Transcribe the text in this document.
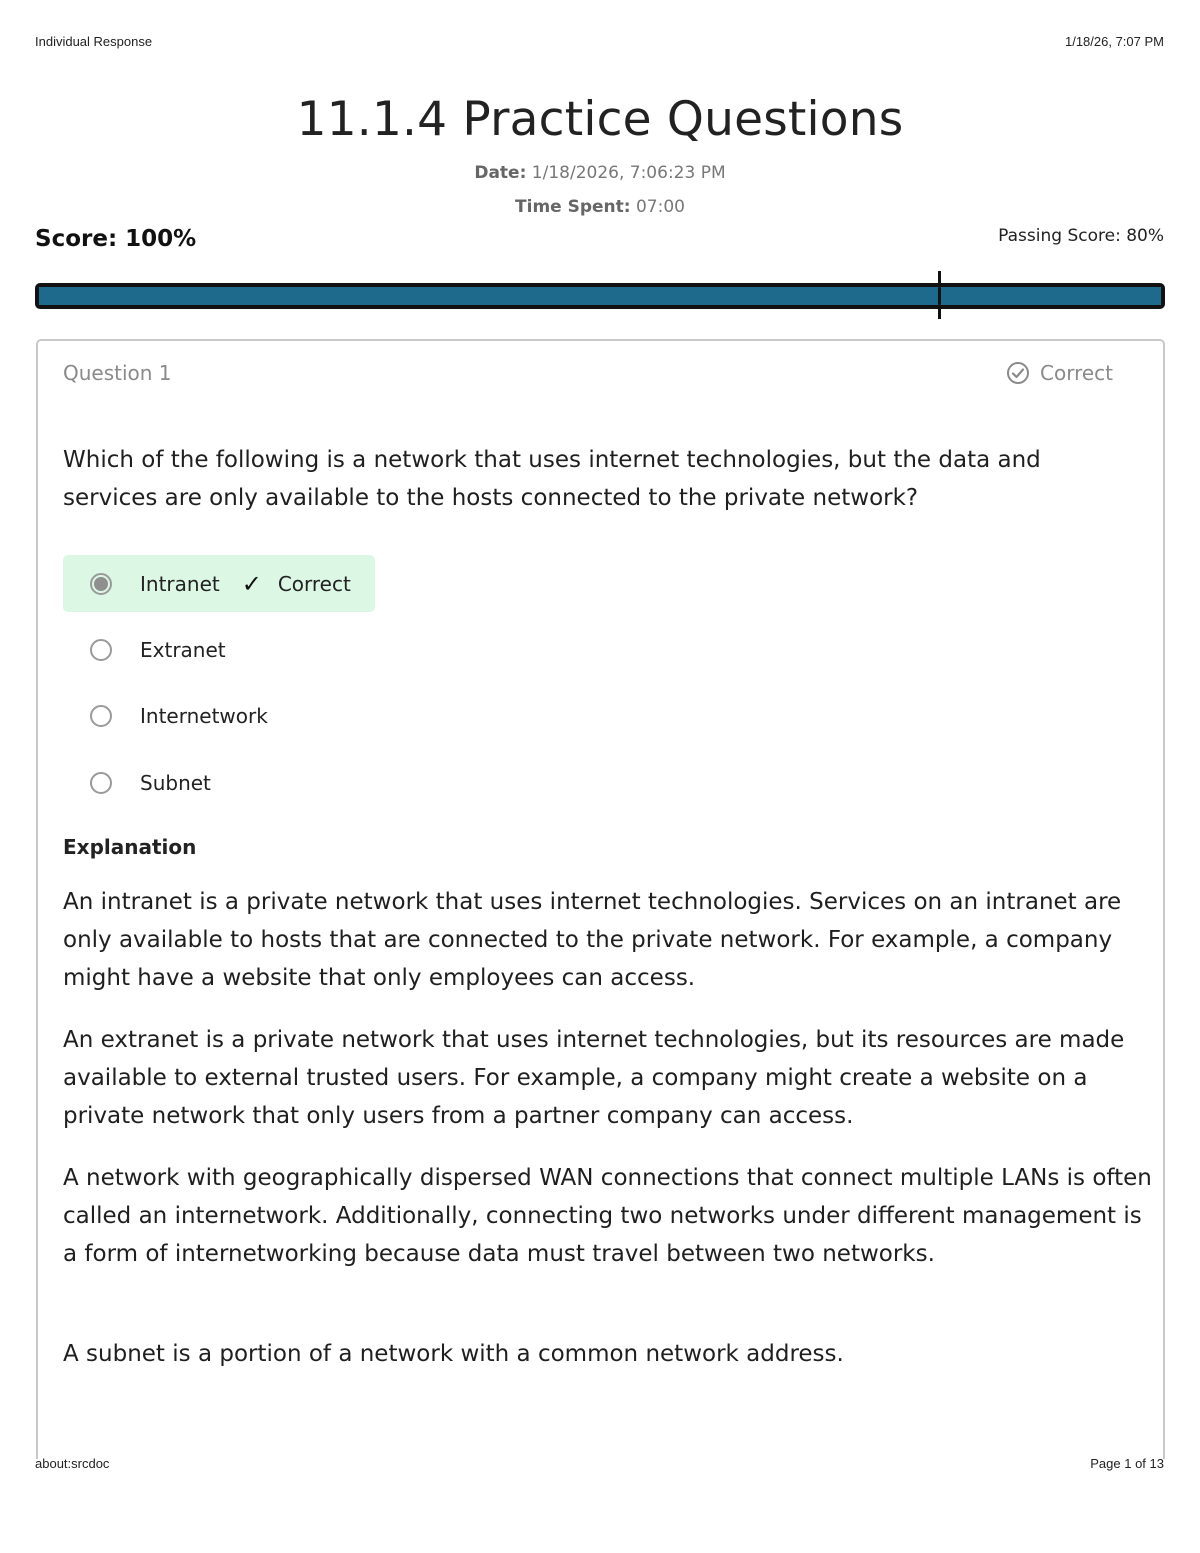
Individual Response	1/18/26, 7:07 PM
11.1.4 Practice Questions
Date: 1/18/2026, 7:06:23 PM
Time Spent: 07:00
Score: 100%	Passing Score: 80%
Question 1	Correct

Which of the following is a network that uses internet technologies, but the data and services are only available to the hosts connected to the private network?

Intranet ✓ Correct
Extranet
Internetwork
Subnet
Explanation

An intranet is a private network that uses internet technologies. Services on an intranet are only available to hosts that are connected to the private network. For example, a company might have a website that only employees can access.

An extranet is a private network that uses internet technologies, but its resources are made available to external trusted users. For example, a company might create a website on a private network that only users from a partner company can access.

A network with geographically dispersed WAN connections that connect multiple LANs is often called an internetwork. Additionally, connecting two networks under different management is a form of internetworking because data must travel between two networks.

A subnet is a portion of a network with a common network address.

about:srcdoc	Page 1 of 13
